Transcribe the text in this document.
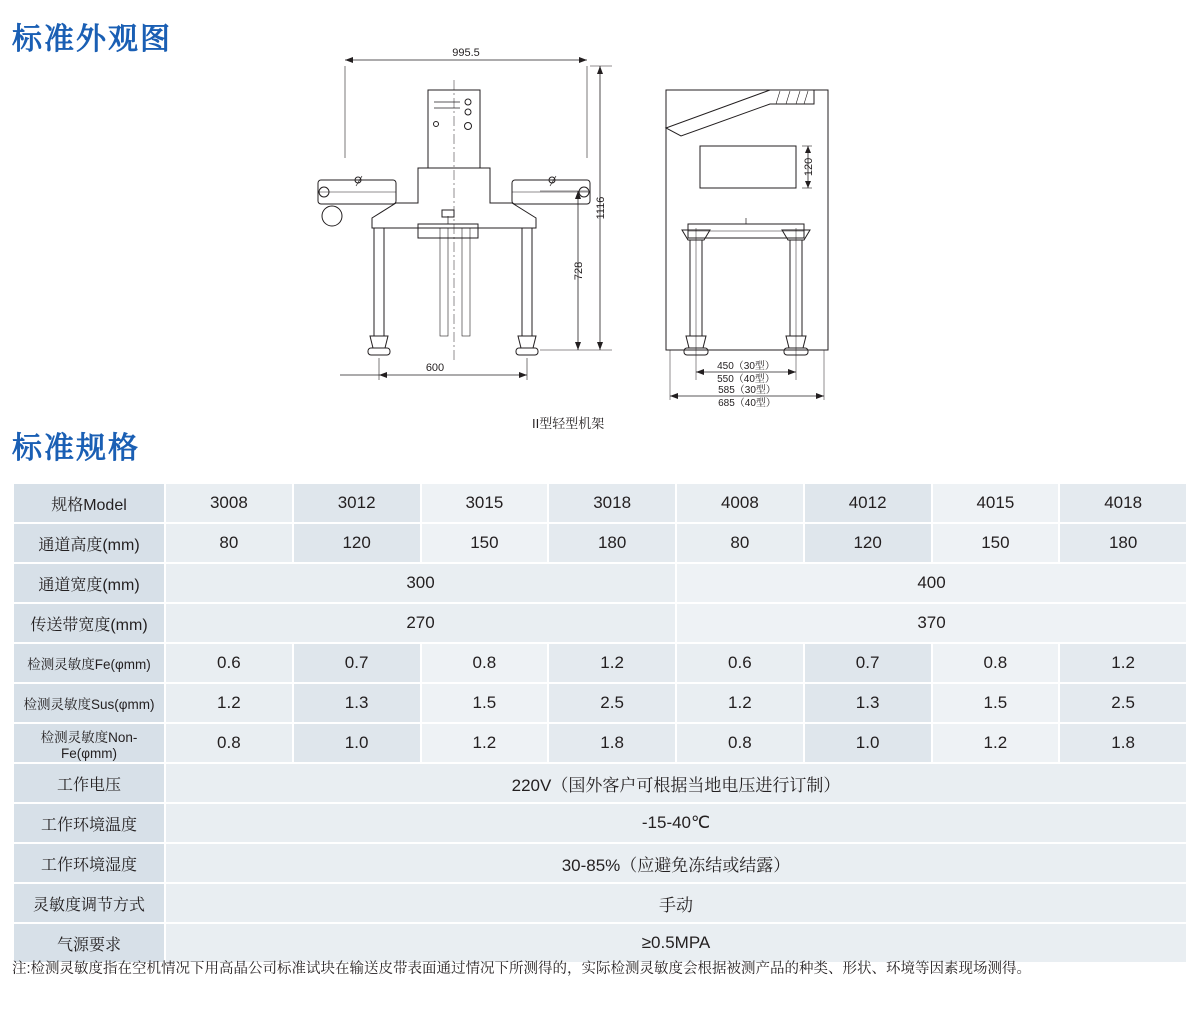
标准外观图
标准规格
995.5
600
1116
728
120
450（30型）
550（40型）
585（30型）
685（40型）
II型轻型机架
规格Model	3008	3012	3015	3018	4008	4012	4015	4018
通道高度(mm)	80	120	150	180	80	120	150	180
通道宽度(mm)	300				400			
传送带宽度(mm)	270				370			
检测灵敏度Fe(φmm)	0.6	0.7	0.8	1.2	0.6	0.7	0.8	1.2
检测灵敏度Sus(φmm)	1.2	1.3	1.5	2.5	1.2	1.3	1.5	2.5
检测灵敏度Non-Fe(φmm)	0.8	1.0	1.2	1.8	0.8	1.0	1.2	1.8
工作电压	220V（国外客户可根据当地电压进行订制）							
工作环境温度	-15-40℃							
工作环境湿度	30-85%（应避免冻结或结露）							
灵敏度调节方式	手动							
气源要求	≥0.5MPA							
注:检测灵敏度指在空机情况下用高晶公司标准试块在输送皮带表面通过情况下所测得的，实际检测灵敏度会根据被测产品的种类、形状、环境等因素现场测得。
